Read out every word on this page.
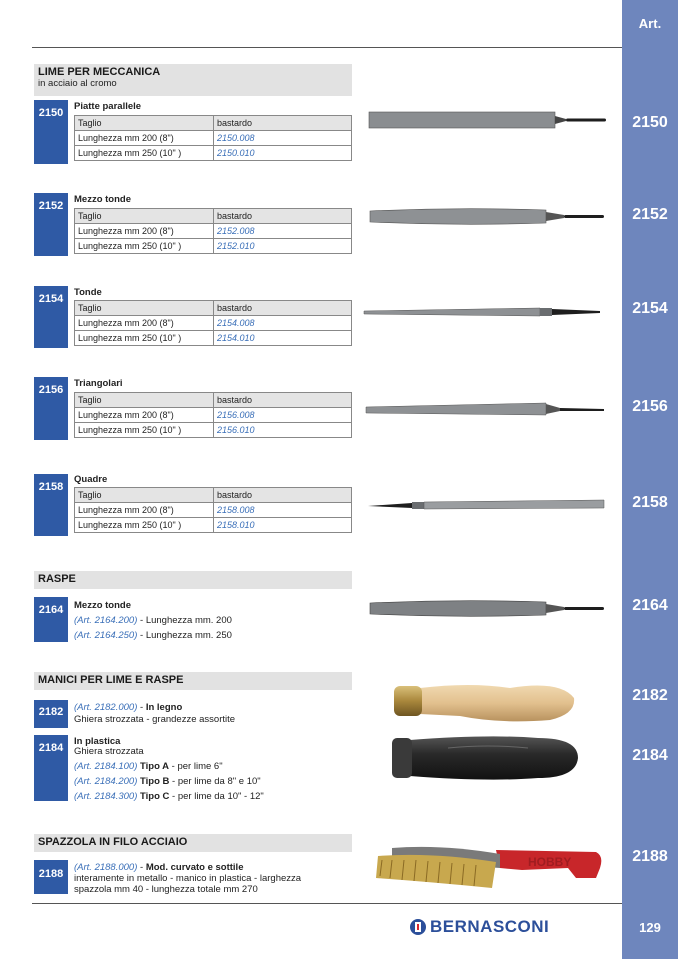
Art.
2150
2152
2154
2156
2158
2164
2182
2184
2188
LIME PER MECCANICA
in acciaio al cromo
2150
Piatte parallele
Taglio	bastardo
Lunghezza mm 200 (8")	2150.008
Lunghezza mm 250 (10" )	2150.010
2152
Mezzo tonde
Taglio	bastardo
Lunghezza mm 200 (8")	2152.008
Lunghezza mm 250 (10" )	2152.010
2154
Tonde
Taglio	bastardo
Lunghezza mm 200 (8")	2154.008
Lunghezza mm 250 (10" )	2154.010
2156
Triangolari
Taglio	bastardo
Lunghezza mm 200 (8")	2156.008
Lunghezza mm 250 (10" )	2156.010
2158
Quadre
Taglio	bastardo
Lunghezza mm 200 (8")	2158.008
Lunghezza mm 250 (10" )	2158.010
RASPE
2164	Mezzo tonde
(Art. 2164.200) - Lunghezza mm. 200
(Art. 2164.250) - Lunghezza mm. 250
MANICI PER LIME E RASPE
2182	(Art. 2182.000) - In legno
Ghiera strozzata - grandezze assortite
2184
In plastica
Ghiera strozzata
(Art. 2184.100) Tipo A - per lime 6"
(Art. 2184.200) Tipo B - per lime da 8" e 10"
(Art. 2184.300) Tipo C - per lime da 10" - 12"
SPAZZOLA IN FILO ACCIAIO
2188
(Art. 2188.000) - Mod. curvato e sottile
interamente in metallo - manico in plastica - larghezza
spazzola mm 40 - lunghezza totale mm 270
HOBBY
BERNASCONI	129
